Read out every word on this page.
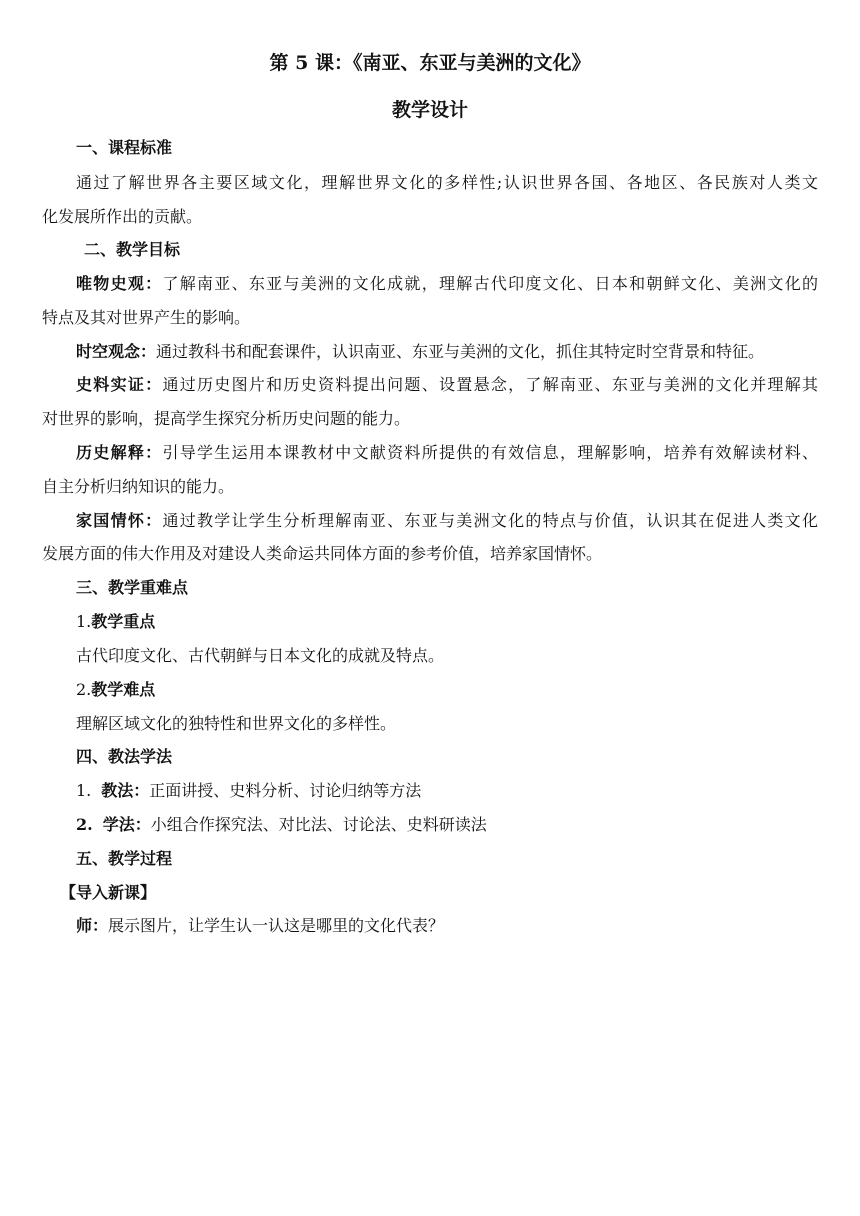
第 5 课：《南亚、东亚与美洲的文化》
教学设计
一、课程标准
通过了解世界各主要区域文化，理解世界文化的多样性;认识世界各国、各地区、各民族对人类文
化发展所作出的贡献。
二、教学目标
唯物史观：了解南亚、东亚与美洲的文化成就，理解古代印度文化、日本和朝鲜文化、美洲文化的
特点及其对世界产生的影响。
时空观念：通过教科书和配套课件，认识南亚、东亚与美洲的文化，抓住其特定时空背景和特征。
史料实证：通过历史图片和历史资料提出问题、设置悬念，了解南亚、东亚与美洲的文化并理解其
对世界的影响，提高学生探究分析历史问题的能力。
历史解释：引导学生运用本课教材中文献资料所提供的有效信息，理解影响，培养有效解读材料、
自主分析归纳知识的能力。
家国情怀：通过教学让学生分析理解南亚、东亚与美洲文化的特点与价值，认识其在促进人类文化
发展方面的伟大作用及对建设人类命运共同体方面的参考价值，培养家国情怀。
三、教学重难点
1.教学重点
古代印度文化、古代朝鲜与日本文化的成就及特点。
2.教学难点
理解区域文化的独特性和世界文化的多样性。
四、教法学法
1. 教法：正面讲授、史料分析、讨论归纳等方法
2. 学法：小组合作探究法、对比法、讨论法、史料研读法
五、教学过程
【导入新课】
师：展示图片，让学生认一认这是哪里的文化代表？
